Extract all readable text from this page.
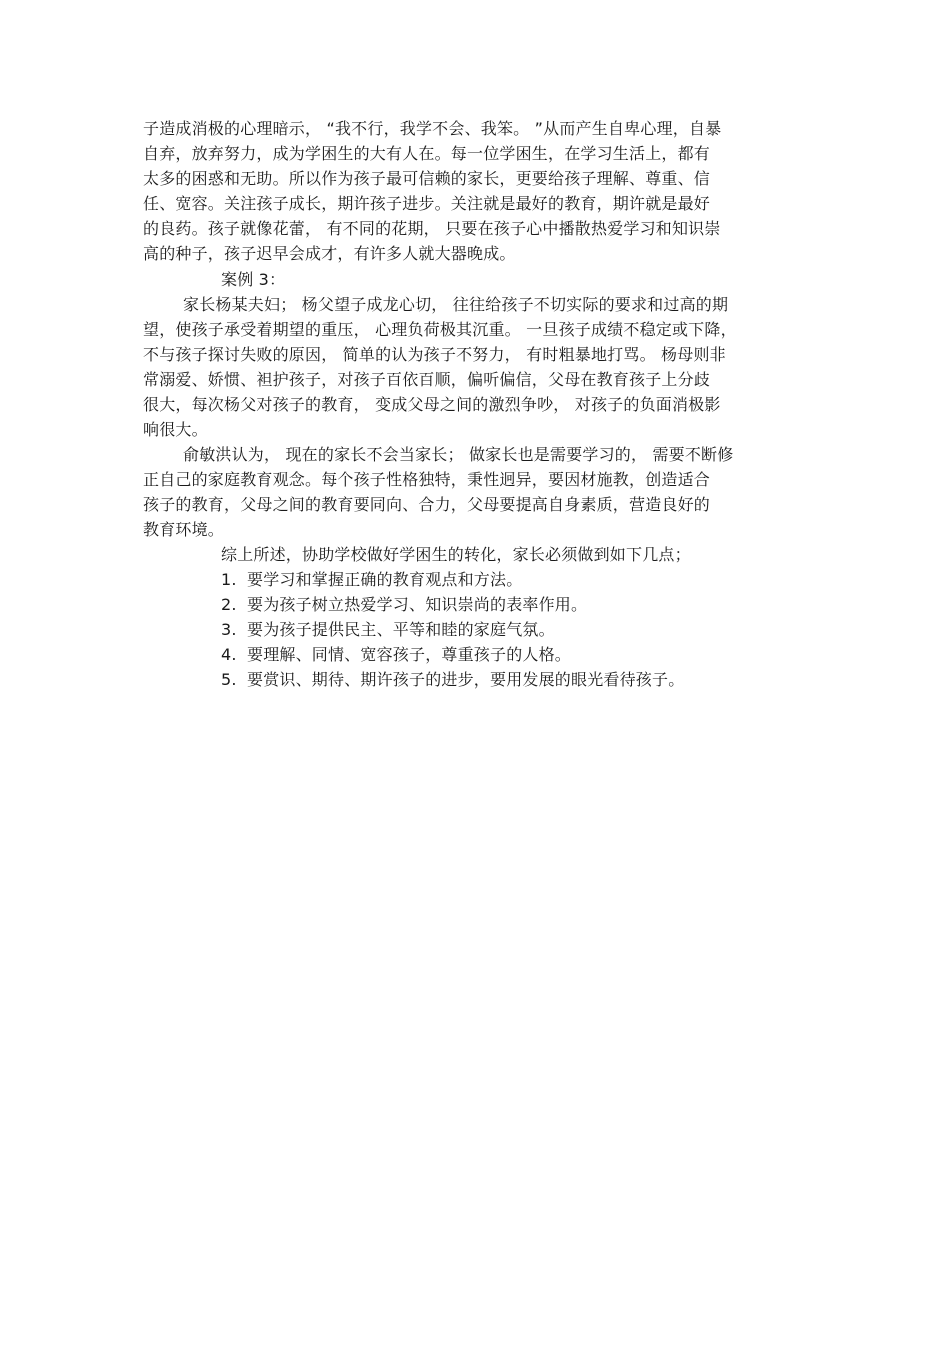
子造成消极的心理暗示， “我不行，我学不会、我笨。 ”从而产生自卑心理，自暴
自弃，放弃努力，成为学困生的大有人在。每一位学困生，在学习生活上，都有
太多的困惑和无助。所以作为孩子最可信赖的家长，更要给孩子理解、尊重、信
任、宽容。关注孩子成长，期许孩子进步。关注就是最好的教育，期许就是最好
的良药。孩子就像花蕾， 有不同的花期， 只要在孩子心中播散热爱学习和知识崇
高的种子，孩子迟早会成才，有许多人就大器晚成。
案例 3：
家长杨某夫妇； 杨父望子成龙心切， 往往给孩子不切实际的要求和过高的期
望，使孩子承受着期望的重压， 心理负荷极其沉重。 一旦孩子成绩不稳定或下降，
不与孩子探讨失败的原因， 简单的认为孩子不努力， 有时粗暴地打骂。 杨母则非
常溺爱、娇惯、袒护孩子，对孩子百依百顺，偏听偏信，父母在教育孩子上分歧
很大，每次杨父对孩子的教育， 变成父母之间的激烈争吵， 对孩子的负面消极影
响很大。
俞敏洪认为， 现在的家长不会当家长； 做家长也是需要学习的， 需要不断修
正自己的家庭教育观念。每个孩子性格独特，秉性迥异，要因材施教，创造适合
孩子的教育，父母之间的教育要同向、合力，父母要提高自身素质，营造良好的
教育环境。
综上所述，协助学校做好学困生的转化，家长必须做到如下几点；
1. 要学习和掌握正确的教育观点和方法。
2. 要为孩子树立热爱学习、知识崇尚的表率作用。
3. 要为孩子提供民主、平等和睦的家庭气氛。
4. 要理解、同情、宽容孩子，尊重孩子的人格。
5. 要赏识、期待、期许孩子的进步，要用发展的眼光看待孩子。
